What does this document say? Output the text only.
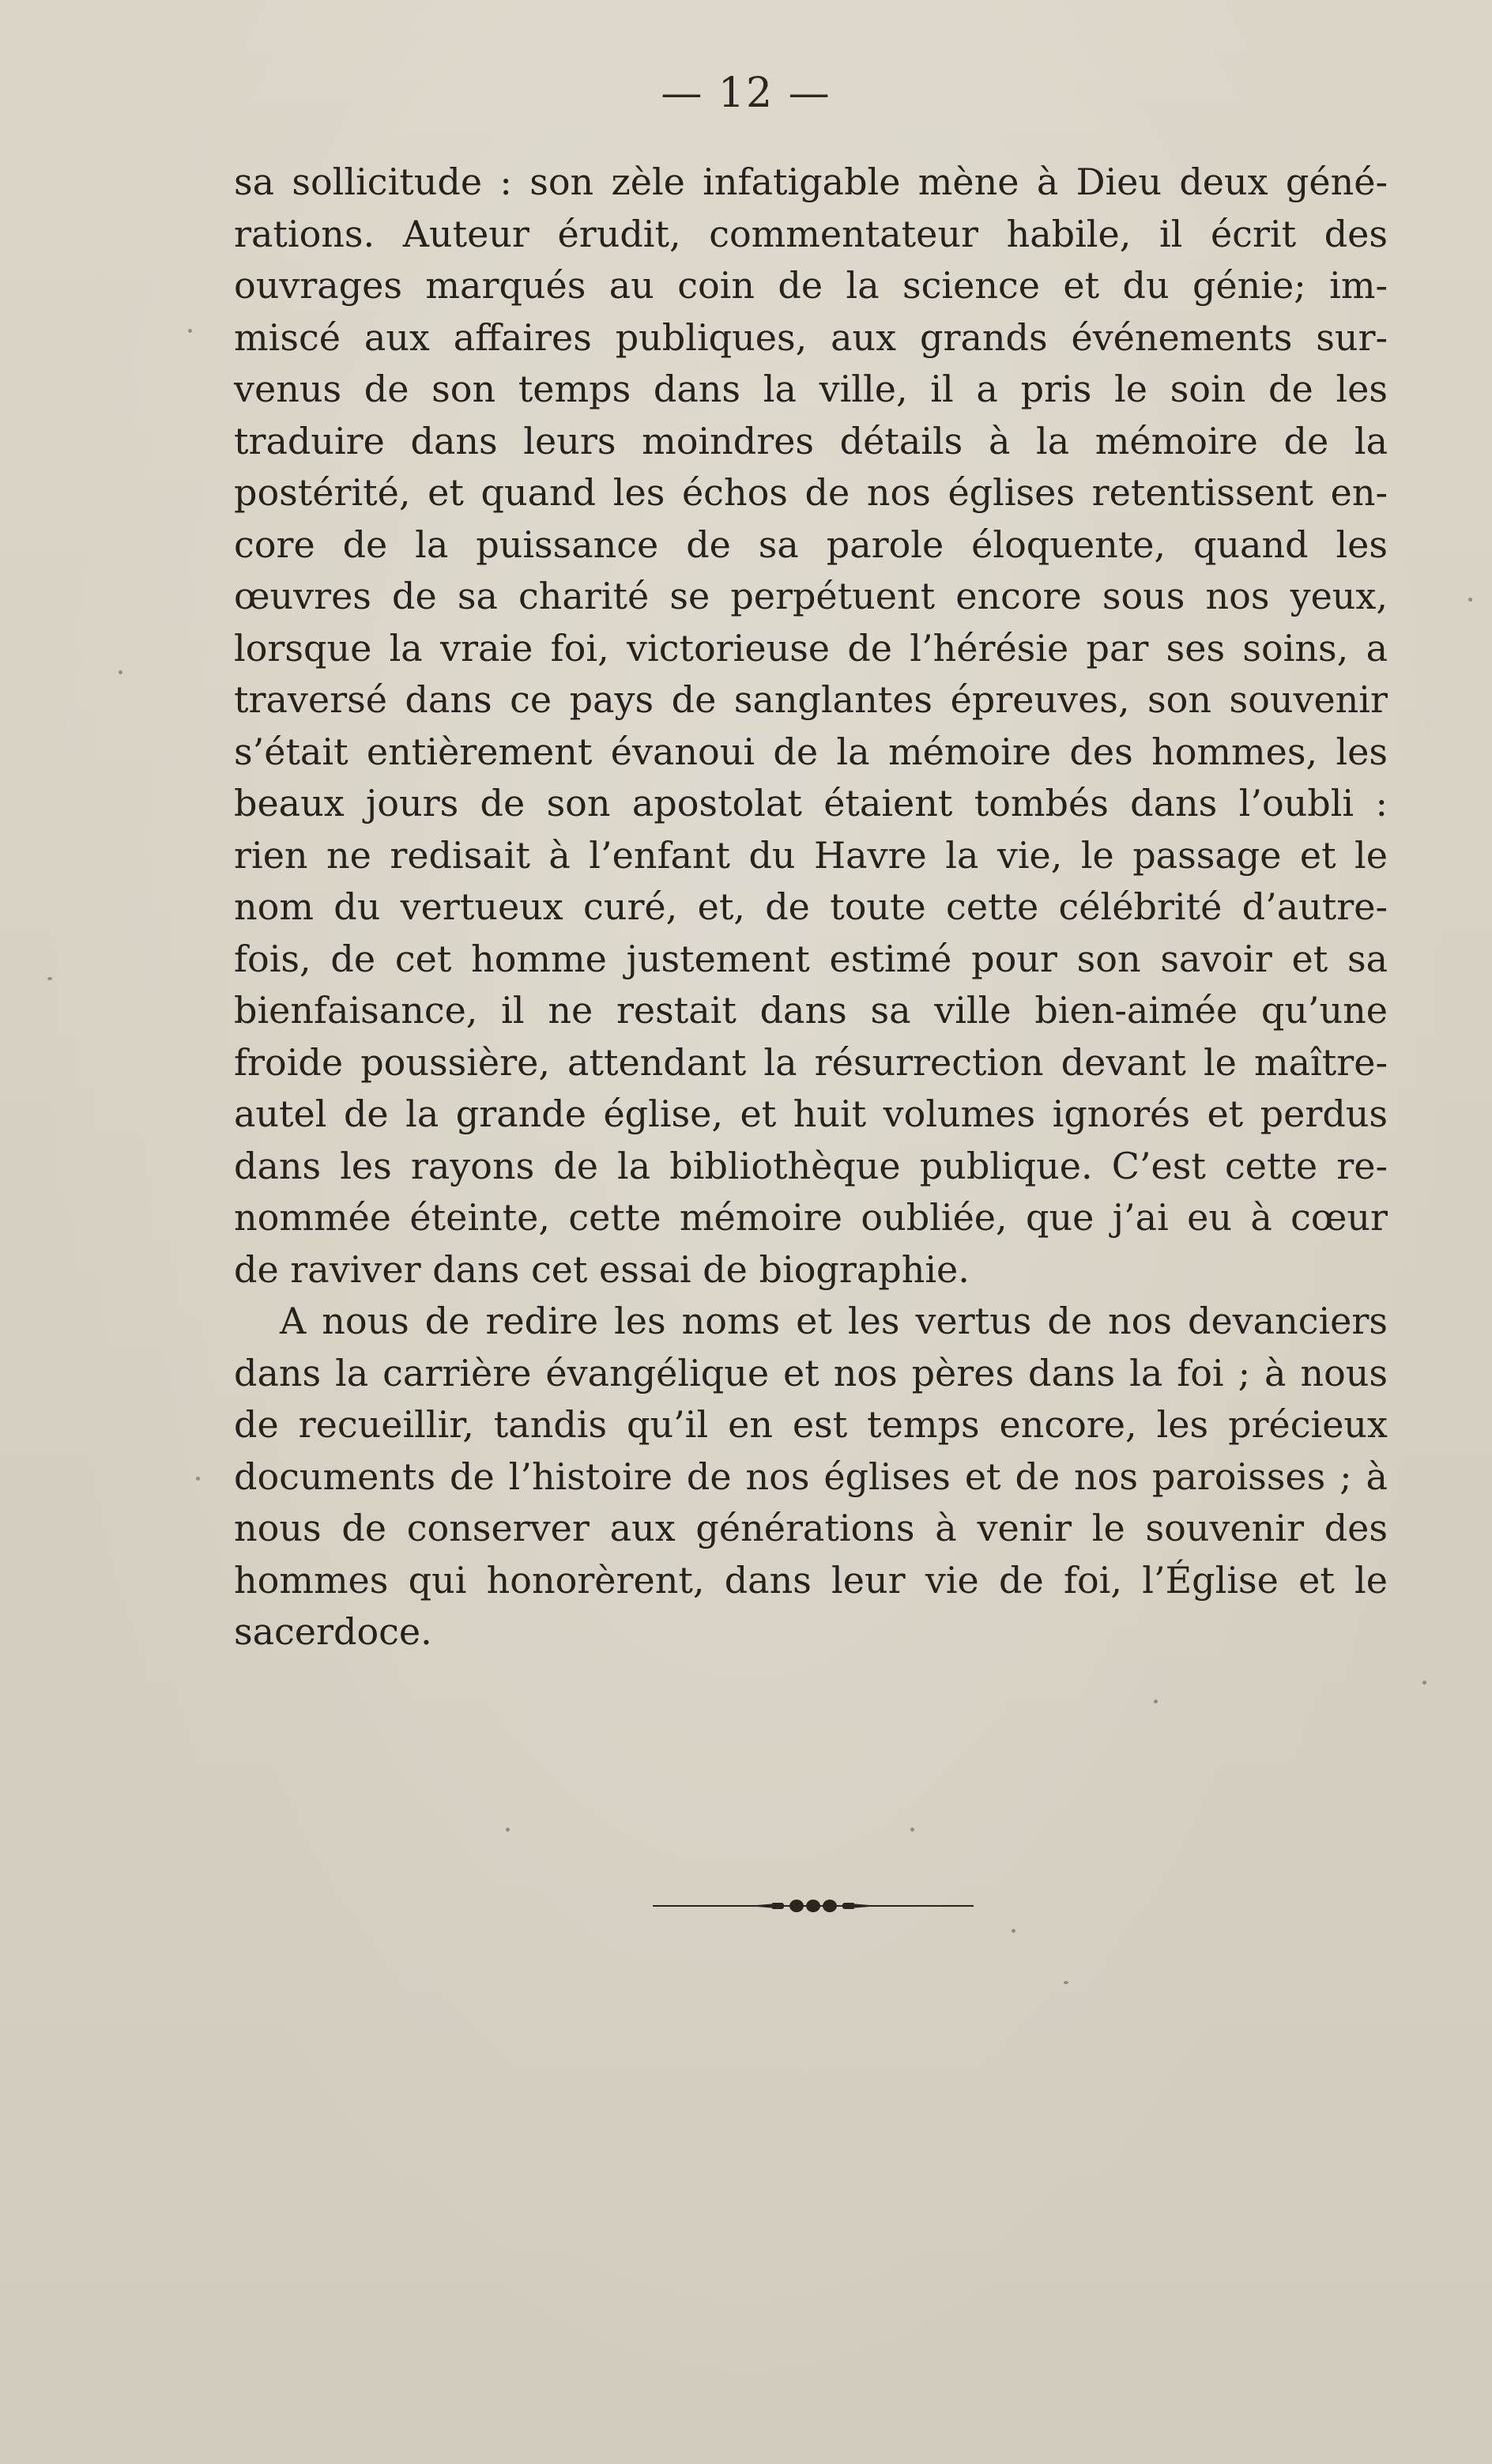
— 12 —
sa sollicitude : son zèle infatigable mène à Dieu deux géné-
rations. Auteur érudit, commentateur habile, il écrit des
ouvrages marqués au coin de la science et du génie; im-
miscé aux affaires publiques, aux grands événements sur-
venus de son temps dans la ville, il a pris le soin de les
traduire dans leurs moindres détails à la mémoire de la
postérité, et quand les échos de nos églises retentissent en-
core de la puissance de sa parole éloquente, quand les
œuvres de sa charité se perpétuent encore sous nos yeux,
lorsque la vraie foi, victorieuse de l’hérésie par ses soins, a
traversé dans ce pays de sanglantes épreuves, son souvenir
s’était entièrement évanoui de la mémoire des hommes, les
beaux jours de son apostolat étaient tombés dans l’oubli :
rien ne redisait à l’enfant du Havre la vie, le passage et le
nom du vertueux curé, et, de toute cette célébrité d’autre-
fois, de cet homme justement estimé pour son savoir et sa
bienfaisance, il ne restait dans sa ville bien-aimée qu’une
froide poussière, attendant la résurrection devant le maître-
autel de la grande église, et huit volumes ignorés et perdus
dans les rayons de la bibliothèque publique. C’est cette re-
nommée éteinte, cette mémoire oubliée, que j’ai eu à cœur
de raviver dans cet essai de biographie.
A nous de redire les noms et les vertus de nos devanciers
dans la carrière évangélique et nos pères dans la foi ; à nous
de recueillir, tandis qu’il en est temps encore, les précieux
documents de l’histoire de nos églises et de nos paroisses ; à
nous de conserver aux générations à venir le souvenir des
hommes qui honorèrent, dans leur vie de foi, l’Église et le
sacerdoce.
